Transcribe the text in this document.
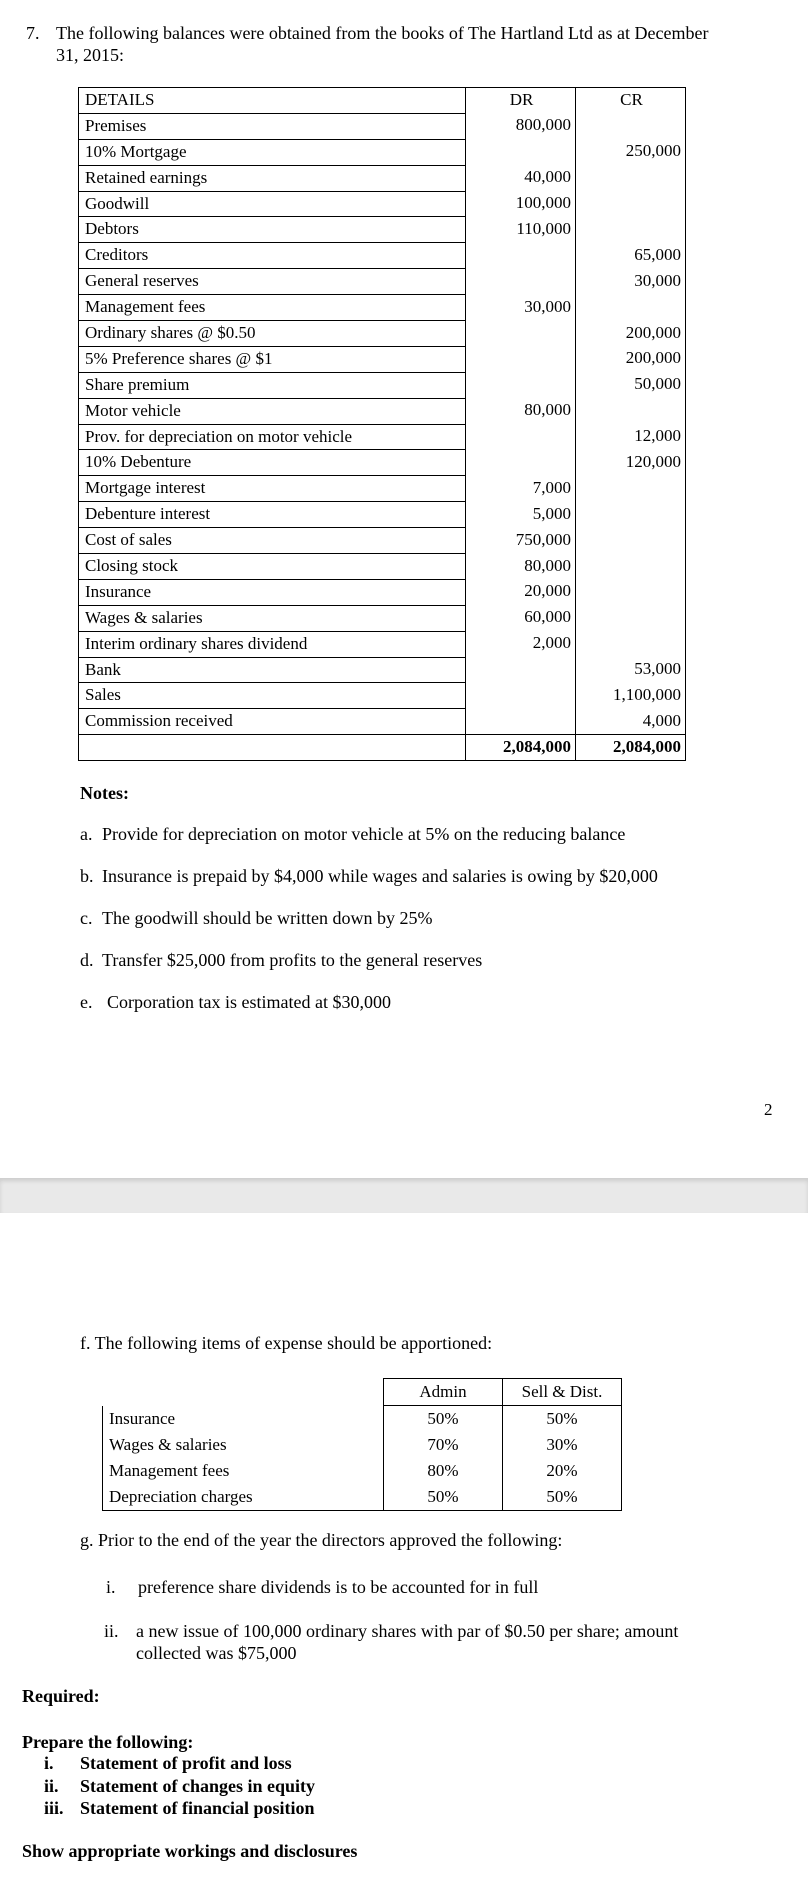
7. The following balances were obtained from the books of The Hartland Ltd as at December
31, 2015:
DETAILS	DR	CR
Premises	800,000	
10% Mortgage		250,000
Retained earnings	40,000	
Goodwill	100,000	
Debtors	110,000	
Creditors		65,000
General reserves		30,000
Management fees	30,000	
Ordinary shares @ $0.50		200,000
5% Preference shares @ $1		200,000
Share premium		50,000
Motor vehicle	80,000	
Prov. for depreciation on motor vehicle		12,000
10% Debenture		120,000
Mortgage interest	7,000	
Debenture interest	5,000	
Cost of sales	750,000	
Closing stock	80,000	
Insurance	20,000	
Wages & salaries	60,000	
Interim ordinary shares dividend	2,000	
Bank		53,000
Sales		1,100,000
Commission received		4,000
	2,084,000	2,084,000
Notes:
a. Provide for depreciation on motor vehicle at 5% on the reducing balance
b. Insurance is prepaid by $4,000 while wages and salaries is owing by $20,000
c. The goodwill should be written down by 25%
d. Transfer $25,000 from profits to the general reserves
e. Corporation tax is estimated at $30,000
2
f. The following items of expense should be apportioned:
	Admin	Sell & Dist.
Insurance	50%	50%
Wages & salaries	70%	30%
Management fees	80%	20%
Depreciation charges	50%	50%
g. Prior to the end of the year the directors approved the following:
i. preference share dividends is to be accounted for in full
ii. a new issue of 100,000 ordinary shares with par of $0.50 per share; amount
collected was $75,000
Required:
Prepare the following:
i. Statement of profit and loss
ii. Statement of changes in equity
iii. Statement of financial position
Show appropriate workings and disclosures
